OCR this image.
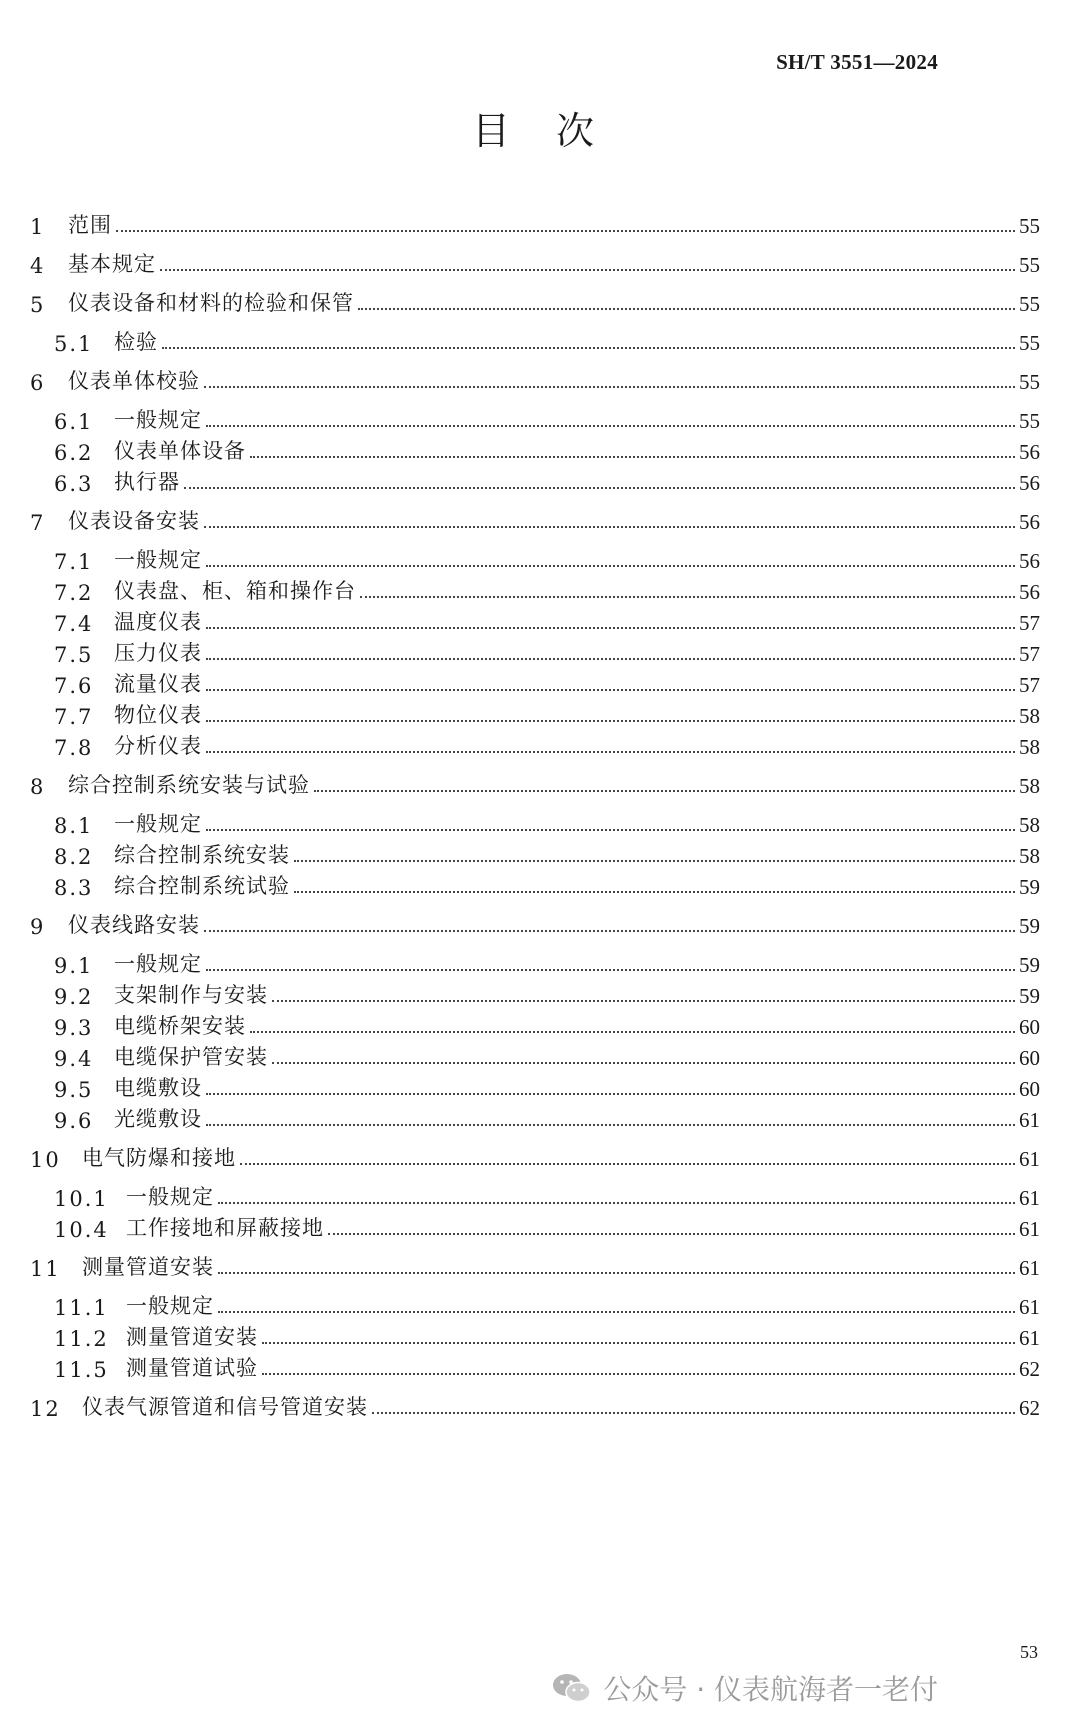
SH/T 3551—2024
目次
1	范围	55
4	基本规定	55
5	仪表设备和材料的检验和保管	55
5.1 检验	55
6	仪表单体校验	55
6.1 一般规定	55
6.2 仪表单体设备	56
6.3 执行器	56
7	仪表设备安装	56
7.1 一般规定	56
7.2 仪表盘、柜、箱和操作台	56
7.4 温度仪表	57
7.5 压力仪表	57
7.6 流量仪表	57
7.7 物位仪表	58
7.8 分析仪表	58
8	综合控制系统安装与试验	58
8.1 一般规定	58
8.2 综合控制系统安装	58
8.3 综合控制系统试验	59
9	仪表线路安装	59
9.1 一般规定	59
9.2 支架制作与安装	59
9.3 电缆桥架安装	60
9.4 电缆保护管安装	60
9.5 电缆敷设	60
9.6 光缆敷设	61
10	电气防爆和接地	61
10.1 一般规定	61
10.4 工作接地和屏蔽接地	61
11	测量管道安装	61
11.1 一般规定	61
11.2 测量管道安装	61
11.5 测量管道试验	62
12	仪表气源管道和信号管道安装	62
53
公众号 · 仪表航海者一老付
